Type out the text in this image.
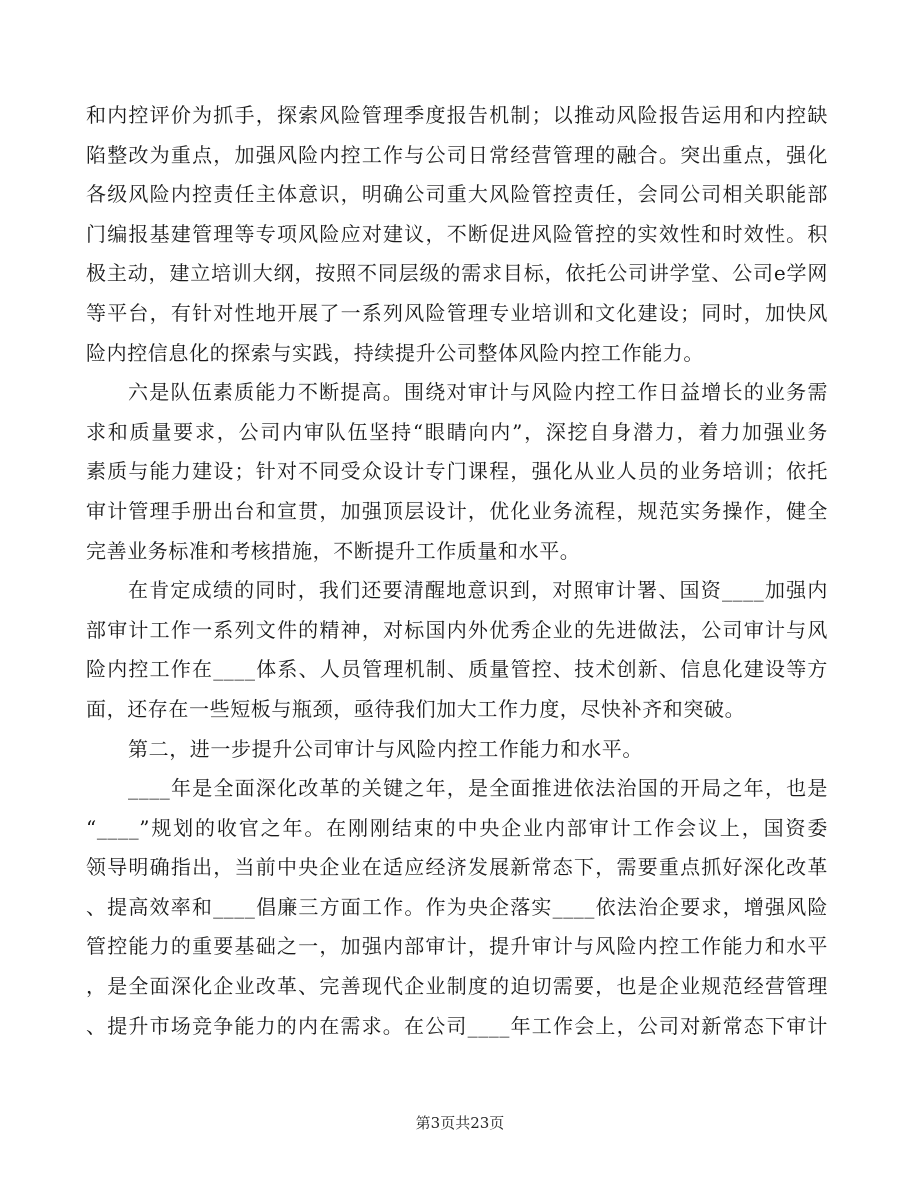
和内控评价为抓手，探索风险管理季度报告机制；以推动风险报告运用和内控缺
陷整改为重点，加强风险内控工作与公司日常经营管理的融合。突出重点，强化
各级风险内控责任主体意识，明确公司重大风险管控责任，会同公司相关职能部
门编报基建管理等专项风险应对建议，不断促进风险管控的实效性和时效性。积
极主动，建立培训大纲，按照不同层级的需求目标，依托公司讲学堂、公司e学网
等平台，有针对性地开展了一系列风险管理专业培训和文化建设；同时，加快风
险内控信息化的探索与实践，持续提升公司整体风险内控工作能力。
六是队伍素质能力不断提高。围绕对审计与风险内控工作日益增长的业务需
求和质量要求，公司内审队伍坚持“眼睛向内”，深挖自身潜力，着力加强业务
素质与能力建设；针对不同受众设计专门课程，强化从业人员的业务培训；依托
审计管理手册出台和宣贯，加强顶层设计，优化业务流程，规范实务操作，健全
完善业务标准和考核措施，不断提升工作质量和水平。
在肯定成绩的同时，我们还要清醒地意识到，对照审计署、国资____加强内
部审计工作一系列文件的精神，对标国内外优秀企业的先进做法，公司审计与风
险内控工作在____体系、人员管理机制、质量管控、技术创新、信息化建设等方
面，还存在一些短板与瓶颈，亟待我们加大工作力度，尽快补齐和突破。
第二，进一步提升公司审计与风险内控工作能力和水平。
____年是全面深化改革的关键之年，是全面推进依法治国的开局之年，也是
“____”规划的收官之年。在刚刚结束的中央企业内部审计工作会议上，国资委
领导明确指出，当前中央企业在适应经济发展新常态下，需要重点抓好深化改革
、提高效率和____倡廉三方面工作。作为央企落实____依法治企要求，增强风险
管控能力的重要基础之一，加强内部审计，提升审计与风险内控工作能力和水平
，是全面深化企业改革、完善现代企业制度的迫切需要，也是企业规范经营管理
、提升市场竞争能力的内在需求。在公司____年工作会上，公司对新常态下审计
第3页共23页
